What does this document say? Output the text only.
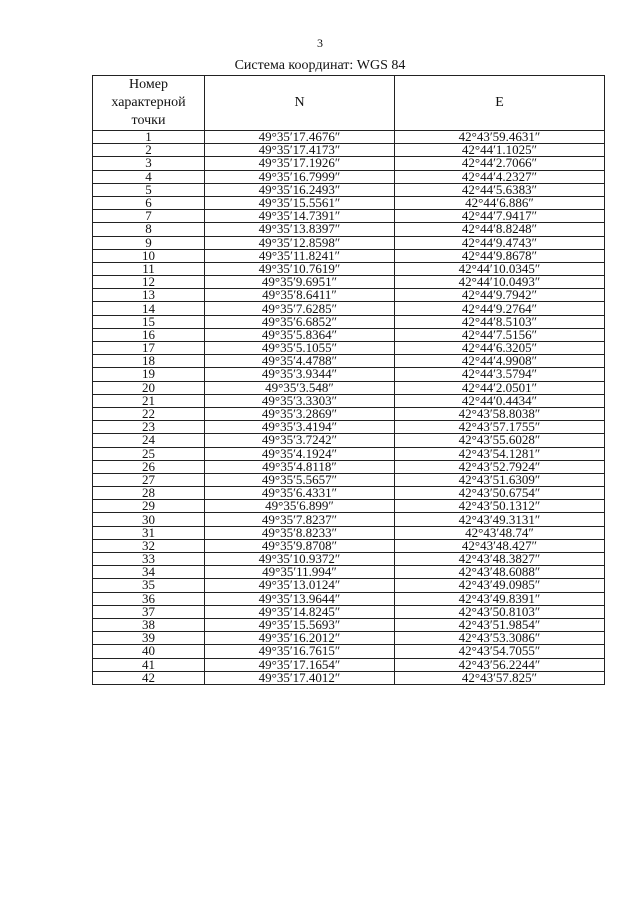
3
Система координат: WGS 84
Номер характерной точки	N	E
1	49°35′17.4676″	42°43′59.4631″
2	49°35′17.4173″	42°44′1.1025″
3	49°35′17.1926″	42°44′2.7066″
4	49°35′16.7999″	42°44′4.2327″
5	49°35′16.2493″	42°44′5.6383″
6	49°35′15.5561″	42°44′6.886″
7	49°35′14.7391″	42°44′7.9417″
8	49°35′13.8397″	42°44′8.8248″
9	49°35′12.8598″	42°44′9.4743″
10	49°35′11.8241″	42°44′9.8678″
11	49°35′10.7619″	42°44′10.0345″
12	49°35′9.6951″	42°44′10.0493″
13	49°35′8.6411″	42°44′9.7942″
14	49°35′7.6285″	42°44′9.2764″
15	49°35′6.6852″	42°44′8.5103″
16	49°35′5.8364″	42°44′7.5156″
17	49°35′5.1055″	42°44′6.3205″
18	49°35′4.4788″	42°44′4.9908″
19	49°35′3.9344″	42°44′3.5794″
20	49°35′3.548″	42°44′2.0501″
21	49°35′3.3303″	42°44′0.4434″
22	49°35′3.2869″	42°43′58.8038″
23	49°35′3.4194″	42°43′57.1755″
24	49°35′3.7242″	42°43′55.6028″
25	49°35′4.1924″	42°43′54.1281″
26	49°35′4.8118″	42°43′52.7924″
27	49°35′5.5657″	42°43′51.6309″
28	49°35′6.4331″	42°43′50.6754″
29	49°35′6.899″	42°43′50.1312″
30	49°35′7.8237″	42°43′49.3131″
31	49°35′8.8233″	42°43′48.74″
32	49°35′9.8708″	42°43′48.427″
33	49°35′10.9372″	42°43′48.3827″
34	49°35′11.994″	42°43′48.6088″
35	49°35′13.0124″	42°43′49.0985″
36	49°35′13.9644″	42°43′49.8391″
37	49°35′14.8245″	42°43′50.8103″
38	49°35′15.5693″	42°43′51.9854″
39	49°35′16.2012″	42°43′53.3086″
40	49°35′16.7615″	42°43′54.7055″
41	49°35′17.1654″	42°43′56.2244″
42	49°35′17.4012″	42°43′57.825″
